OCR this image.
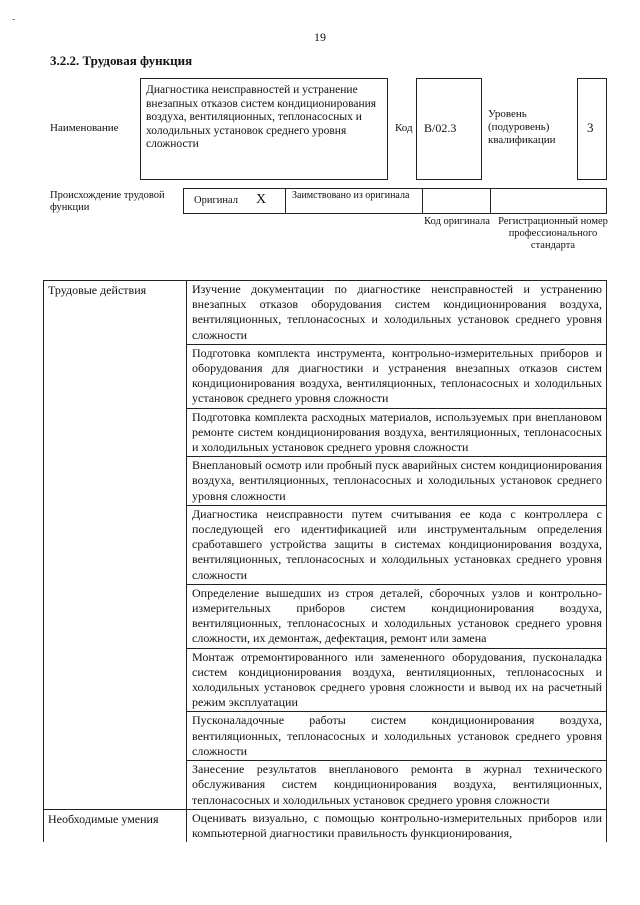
-
19
3.2.2. Трудовая функция
Наименование
Диагностика неисправностей и устранение внезапных отказов систем кондиционирования воздуха, вентиляционных, теплонасосных и холодильных установок среднего уровня сложности
Код B/02.3
Уровень (подуровень) квалификации
3
Происхождение трудовой функции
Оригинал X	Заимствовано из оригинала
Код оригинала Регистрационный номер профессионального стандарта
Трудовые действия	Изучение документации по диагностике неисправностей и устранению внезапных отказов оборудования систем кондиционирования воздуха, вентиляционных, теплонасосных и холодильных установок среднего уровня сложности
Подготовка комплекта инструмента, контрольно-измерительных приборов и оборудования для диагностики и устранения внезапных отказов систем кондиционирования воздуха, вентиляционных, теплонасосных и холодильных установок среднего уровня сложности
Подготовка комплекта расходных материалов, используемых при внеплановом ремонте систем кондиционирования воздуха, вентиляционных, теплонасосных и холодильных установок среднего уровня сложности
Внеплановый осмотр или пробный пуск аварийных систем кондиционирования воздуха, вентиляционных, теплонасосных и холодильных установок среднего уровня сложности
Диагностика неисправности путем считывания ее кода с контроллера с последующей его идентификацией или инструментальным определения сработавшего устройства защиты в системах кондиционирования воздуха, вентиляционных, теплонасосных и холодильных установках среднего уровня сложности
Определение вышедших из строя деталей, сборочных узлов и контрольно-измерительных приборов систем кондиционирования воздуха, вентиляционных, теплонасосных и холодильных установок среднего уровня сложности, их демонтаж, дефектация, ремонт или замена
Монтаж отремонтированного или замененного оборудования, пусконаладка систем кондиционирования воздуха, вентиляционных, теплонасосных и холодильных установок среднего уровня сложности и вывод их на расчетный режим эксплуатации
Пусконаладочные работы систем кондиционирования воздуха, вентиляционных, теплонасосных и холодильных установок среднего уровня сложности
Занесение результатов внепланового ремонта в журнал технического обслуживания систем кондиционирования воздуха, вентиляционных, теплонасосных и холодильных установок среднего уровня сложности
Необходимые умения	Оценивать визуально, с помощью контрольно-измерительных приборов или компьютерной диагностики правильность функционирования,
